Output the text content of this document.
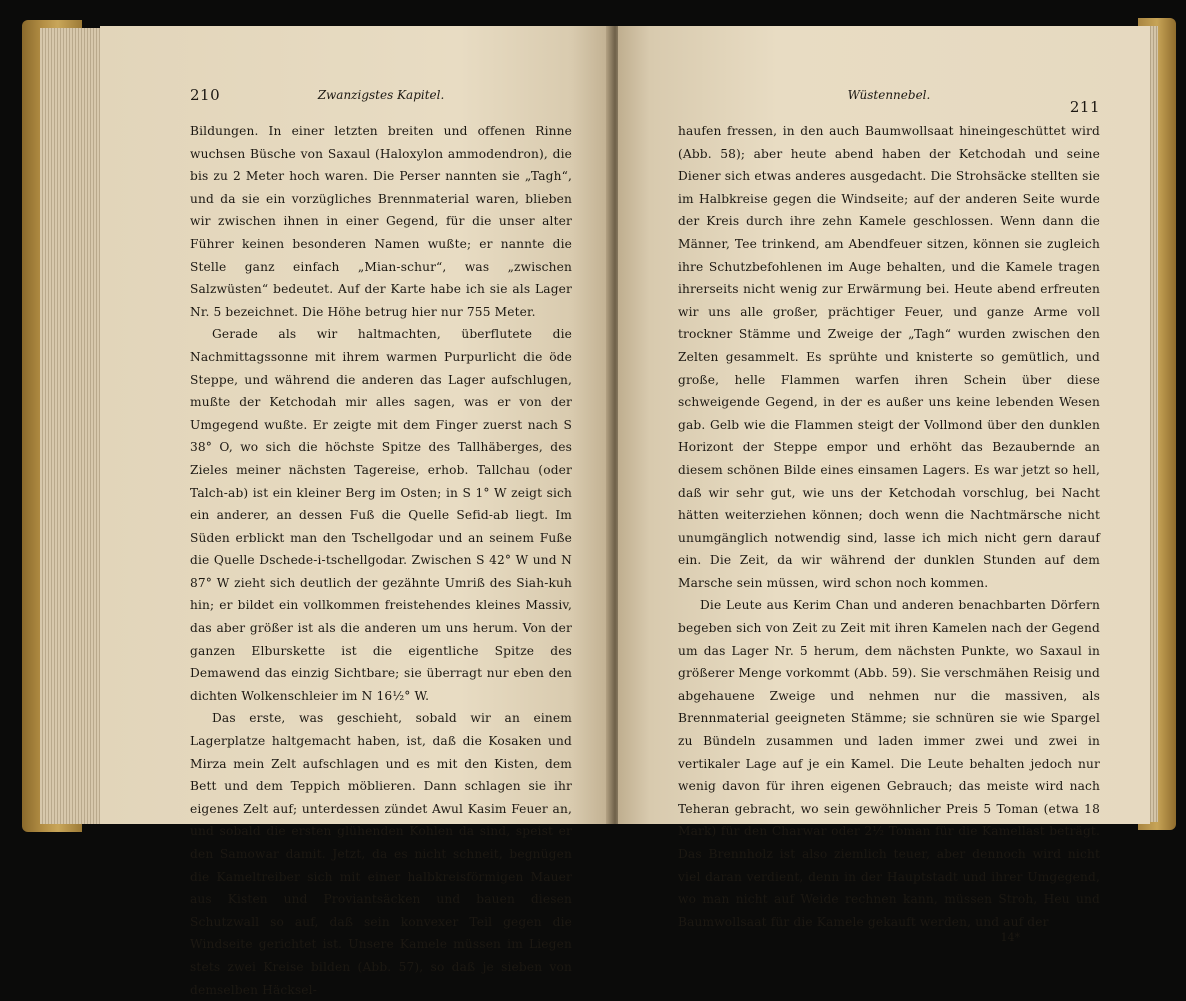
210	Zwanzigstes Kapitel.

Bildungen. In einer letzten breiten und offenen Rinne wuchsen Büsche von Saxaul (Haloxylon ammodendron), die bis zu 2 Meter hoch waren. Die Perser nannten sie „Tagh“, und da sie ein vorzügliches Brennmaterial waren, blieben wir zwischen ihnen in einer Gegend, für die unser alter Führer keinen besonderen Namen wußte; er nannte die Stelle ganz einfach „Mian-schur“, was „zwischen Salzwüsten“ bedeutet. Auf der Karte habe ich sie als Lager Nr. 5 bezeichnet. Die Höhe betrug hier nur 755 Meter.

Gerade als wir haltmachten, überflutete die Nachmittagssonne mit ihrem warmen Purpurlicht die öde Steppe, und während die anderen das Lager aufschlugen, mußte der Ketchodah mir alles sagen, was er von der Umgegend wußte. Er zeigte mit dem Finger zuerst nach S 38° O, wo sich die höchste Spitze des Tallhäberges, des Zieles meiner nächsten Tagereise, erhob. Tallchau (oder Talch-ab) ist ein kleiner Berg im Osten; in S 1° W zeigt sich ein anderer, an dessen Fuß die Quelle Sefid-ab liegt. Im Süden erblickt man den Tschellgodar und an seinem Fuße die Quelle Dschede-i-tschellgodar. Zwischen S 42° W und N 87° W zieht sich deutlich der gezähnte Umriß des Siah-kuh hin; er bildet ein vollkommen freistehendes kleines Massiv, das aber größer ist als die anderen um uns herum. Von der ganzen Elburskette ist die eigentliche Spitze des Demawend das einzig Sichtbare; sie überragt nur eben den dichten Wolkenschleier im N 16½° W.

Das erste, was geschieht, sobald wir an einem Lagerplatze haltgemacht haben, ist, daß die Kosaken und Mirza mein Zelt aufschlagen und es mit den Kisten, dem Bett und dem Teppich möblieren. Dann schlagen sie ihr eigenes Zelt auf; unterdessen zündet Awul Kasim Feuer an, und sobald die ersten glühenden Kohlen da sind, speist er den Samowar damit. Jetzt, da es nicht schneit, begnügen die Kameltreiber sich mit einer halbkreisförmigen Mauer aus Kisten und Proviantsäcken und bauen diesen Schutzwall so auf, daß sein konvexer Teil gegen die Windseite gerichtet ist. Unsere Kamele müssen im Liegen stets zwei Kreise bilden (Abb. 57), so daß je sieben von demselben Häcksel-

Wüstennebel.
211

haufen fressen, in den auch Baumwollsaat hineingeschüttet wird (Abb. 58); aber heute abend haben der Ketchodah und seine Diener sich etwas anderes ausgedacht. Die Strohsäcke stellten sie im Halbkreise gegen die Windseite; auf der anderen Seite wurde der Kreis durch ihre zehn Kamele geschlossen. Wenn dann die Männer, Tee trinkend, am Abendfeuer sitzen, können sie zugleich ihre Schutzbefohlenen im Auge behalten, und die Kamele tragen ihrerseits nicht wenig zur Erwärmung bei. Heute abend erfreuten wir uns alle großer, prächtiger Feuer, und ganze Arme voll trockner Stämme und Zweige der „Tagh“ wurden zwischen den Zelten gesammelt. Es sprühte und knisterte so gemütlich, und große, helle Flammen warfen ihren Schein über diese schweigende Gegend, in der es außer uns keine lebenden Wesen gab. Gelb wie die Flammen steigt der Vollmond über den dunklen Horizont der Steppe empor und erhöht das Bezaubernde an diesem schönen Bilde eines einsamen Lagers. Es war jetzt so hell, daß wir sehr gut, wie uns der Ketchodah vorschlug, bei Nacht hätten weiterziehen können; doch wenn die Nachtmärsche nicht unumgänglich notwendig sind, lasse ich mich nicht gern darauf ein. Die Zeit, da wir während der dunklen Stunden auf dem Marsche sein müssen, wird schon noch kommen.

Die Leute aus Kerim Chan und anderen benachbarten Dörfern begeben sich von Zeit zu Zeit mit ihren Kamelen nach der Gegend um das Lager Nr. 5 herum, dem nächsten Punkte, wo Saxaul in größerer Menge vorkommt (Abb. 59). Sie verschmähen Reisig und abgehauene Zweige und nehmen nur die massiven, als Brennmaterial geeigneten Stämme; sie schnüren sie wie Spargel zu Bündeln zusammen und laden immer zwei und zwei in vertikaler Lage auf je ein Kamel. Die Leute behalten jedoch nur wenig davon für ihren eigenen Gebrauch; das meiste wird nach Teheran gebracht, wo sein gewöhnlicher Preis 5 Toman (etwa 18 Mark) für den Charwar oder 2½ Toman für die Kamellast beträgt. Das Brennholz ist also ziemlich teuer, aber dennoch wird nicht viel daran verdient, denn in der Hauptstadt und ihrer Umgegend, wo man nicht auf Weide rechnen kann, müssen Stroh, Heu und Baumwollsaat für die Kamele gekauft werden, und auf der

14*
